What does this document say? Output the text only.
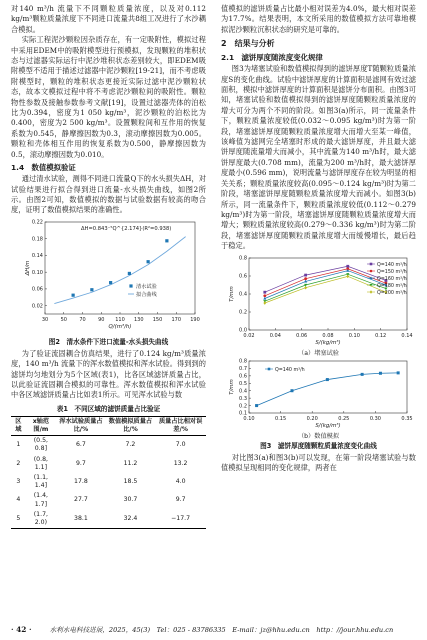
对140 m³/h 流量下不同颗粒质量浓度，以及对0.112 kg/m³颗粒质量浓度下不同进口流量共8组工况进行了水沙耦合模拟。

实际工程泥沙颗粒因杂质存在，有一定吸附性，模拟过程中采用EDEM中的吸附模型进行预模拟，发现颗粒的堆积状态与过滤器实际运行中泥沙堆积状态差别较大，即EDEM吸附模型不适用于描述过滤器中泥沙颗粒[19-21]，而不考虑吸附模型时，颗粒的堆积状态更接近实际过滤中泥沙颗粒状态，故本文模拟过程中将不考虑泥沙颗粒间的吸附性。颗粒物性参数及接触参数参考文献[19]，设置过滤器壳体的泊松比为0.394，密度为1 050 kg/m³，泥沙颗粒的泊松比为0.400，密度为2 500 kg/m³。设置颗粒间和互作用的恢复系数为0.545，静摩擦因数为0.3，滚动摩擦因数为0.005。颗粒和壳体相互作用的恢复系数为0.500，静摩擦因数为0.5，滚动摩擦因数为0.010。

1.4　数值模拟验证

通过清水试验，测得不同进口流量Q下的水头损失ΔH，对试验结果进行拟合得到进口流量-水头损失曲线，如图2所示。由图2可知，数值模拟的数据与试验数据有较高的吻合度，证明了数值模拟结果的准确性。

30 50 70 90 110 130 150 170 190
0.02
0.06
0.10
0.14
0.18
0.22
Q/(m³/h)
ΔH/m
ΔH=0.843⁻⁵Q^{2.174}(R²=0.938)
清水试验
拟合曲线
图2　清水条件下进口流量-水头损失曲线

为了验证流固耦合仿真结果，进行了0.124 kg/m³质量浓度，140 m³/h 流量下的浑水数值模拟和浑水试验。得到到的滤饼均匀地划分为5个区域(表1)，比各区域滤饼质量占比，以此验证流固耦合模拟的可靠性。浑水数值模拟和浑水试验中各区域滤饼质量占比如表1所示。可见浑水试验与数

表1　不同区域的滤饼质量占比验证
区域	x轴范围/m	浑水试验质量占比/%	数值模拟质量占比/%	质量占比相对误差/%
1	(0.5, 0.8]	6.7	7.2	7.0
2	(0.8, 1.1]	9.7	11.2	13.2
3	(1.1, 1.4]	17.8	18.5	4.0
4	(1.4, 1.7]	27.7	30.7	9.7
5	(1.7, 2.0)	38.1	32.4	−17.7

值模拟的滤饼质量占比最小相对误差为4.0%，最大相对误差为17.7%。结果表明，本文所采用的数值模拟方法可靠地模拟泥沙颗粒沉积状态的研究是可靠的。

2　结果与分析
2.1　滤饼厚度随浓度变化规律

图3为堵塞试验和数值模拟得到的滤饼厚度T随颗粒质量浓度S的变化曲线。试验中滤饼厚度的计算面积是滤网有效过滤面积，模拟中滤饼厚度的计算面积是滤饼分布面积。由图3可知，堵塞试验和数值模拟得到的滤饼厚度随颗粒质量浓度的增大可分为两个不同的阶段。如图3(a)所示，同一流量条件下，颗粒质量浓度较低(0.032～0.095 kg/m³)时为第一阶段，堵塞滤饼厚度随颗粒质量浓度增大而增大至某一峰值，该峰值为滤网完全堵塞时形成的最大滤饼厚度，并且最大滤饼厚度随流量增大而减小，其中流量为140 m³/h时，最大滤饼厚度最大(0.708 mm)，流量为200 m³/h时，最大滤饼厚度最小(0.596 mm)，说明流量与滤饼厚度存在较为明显的相关关系；颗粒质量浓度较高(0.095～0.124 kg/m³)时为第二阶段，堵塞滤饼厚度随颗粒质量浓度增大而减小。如图3(b)所示，同一流量条件下，颗粒质量浓度较低(0.112～0.279 kg/m³)时为第一阶段，堵塞滤饼厚度随颗粒质量浓度增大而增大；颗粒质量浓度较高(0.279～0.336 kg/m³)时为第二阶段，堵塞滤饼厚度随颗粒质量浓度增大而缓慢增长，最后趋于稳定。

0.02	0.04	0.06	0.08	0.10	0.12	0.14
0.0
0.2
0.4
0.6
0.8
S/(kg/m³)
T/mm
Q=140 m³/h
Q=150 m³/h
Q=160 m³/h
Q=180 m³/h
Q=200 m³/h
（a）堵塞试验
0.10	0.15	0.20	0.25	0.30	0.35
0.1
0.2
0.3
0.4
0.5
0.6
0.7
0.8
S/(kg/m³)
T/mm
Q=140 m³/h
（b）数值模拟
图3　滤饼厚度随颗粒质量浓度变化曲线

对比图3(a)和图3(b)可以发现，在第一阶段堵塞试验与数值模拟呈现相同的变化规律，两者在

· 42 ·	水利水电科技进展，2025，45(3)　Tel：025 - 83786335　E-mail：jz@hhu.edu.cn　http：//jour.hhu.edu.cn
